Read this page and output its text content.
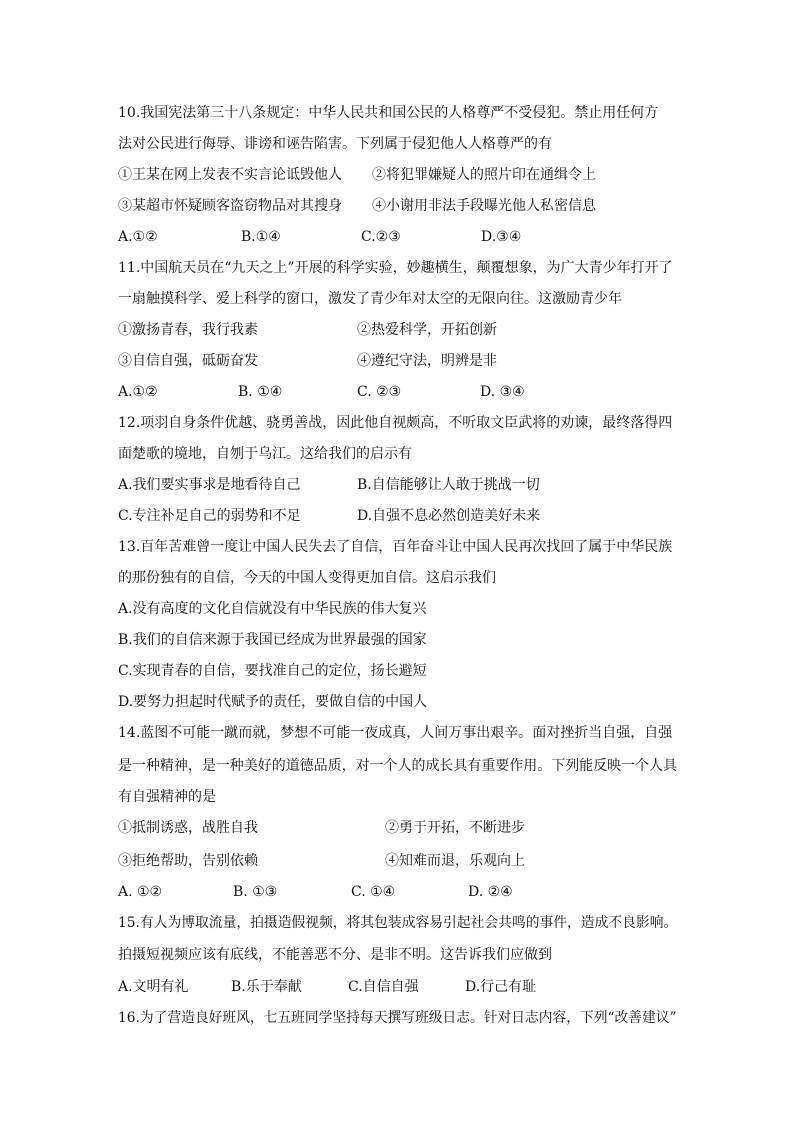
10.我国宪法第三十八条规定：中华人民共和国公民的人格尊严不受侵犯。禁止用任何方
法对公民进行侮辱、诽谤和诬告陷害。下列属于侵犯他人人格尊严的有
①王某在网上发表不实言论诋毁他人 ②将犯罪嫌疑人的照片印在通缉令上
③某超市怀疑顾客盗窃物品对其搜身 ④小谢用非法手段曝光他人私密信息
A.①②	B.①④	C.②③	D.③④
11.中国航天员在“九天之上”开展的科学实验，妙趣横生，颠覆想象，为广大青少年打开了
一扇触摸科学、爱上科学的窗口，激发了青少年对太空的无限向往。这激励青少年
①激扬青春，我行我素	②热爱科学，开拓创新
③自信自强，砥砺奋发	④遵纪守法，明辨是非
A.①②	B. ①④	C. ②③	D. ③④
12.项羽自身条件优越、骁勇善战，因此他自视颇高，不听取文臣武将的劝谏，最终落得四
面楚歌的境地，自刎于乌江。这给我们的启示有
A.我们要实事求是地看待自己	B.自信能够让人敢于挑战一切
C.专注补足自己的弱势和不足	D.自强不息必然创造美好未来
13.百年苦难曾一度让中国人民失去了自信，百年奋斗让中国人民再次找回了属于中华民族
的那份独有的自信，今天的中国人变得更加自信。这启示我们
A.没有高度的文化自信就没有中华民族的伟大复兴
B.我们的自信来源于我国已经成为世界最强的国家
C.实现青春的自信，要找准自己的定位，扬长避短
D.要努力担起时代赋予的责任，要做自信的中国人
14.蓝图不可能一蹴而就，梦想不可能一夜成真，人间万事出艰辛。面对挫折当自强，自强
是一种精神，是一种美好的道德品质，对一个人的成长具有重要作用。下列能反映一个人具
有自强精神的是
①抵制诱惑，战胜自我	②勇于开拓，不断进步
③拒绝帮助，告别依赖	④知难而退，乐观向上
A. ①②	B. ①③	C. ①④	D. ②④
15.有人为博取流量，拍摄造假视频，将其包装成容易引起社会共鸣的事件，造成不良影响。
拍摄短视频应该有底线，不能善恶不分、是非不明。这告诉我们应做到
A.文明有礼	B.乐于奉献	C.自信自强	D.行己有耻
16.为了营造良好班风，七五班同学坚持每天撰写班级日志。针对日志内容，下列“改善建议”
